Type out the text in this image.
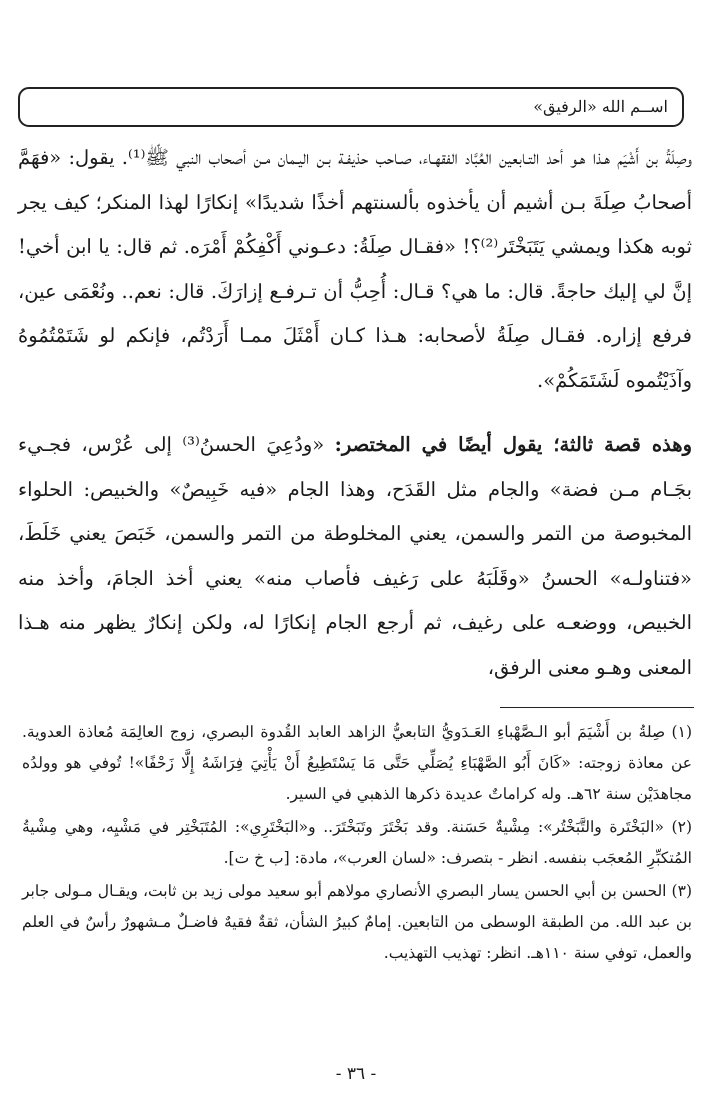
اســم الله «الرفيق»

وصِلَةُ بن أَشْيَم هـذا هـو أحد التـابعين العُبَّاد الفقهـاء، صـاحب حذيفـة بـن اليـمان مـن أصحاب النبي ﷺ⁽¹⁾. يقول: «فهَمَّ أصحابُ صِلَةَ بـن أشيم أن يأخذوه بألسنتهم أخذًا شديدًا» إنكارًا لهذا المنكر؛ كيف يجر ثوبه هكذا ويمشي يَتَبَخْتَر⁽²⁾؟! «فقـال صِلَةُ: دعـوني أَكْفِكُمْ أَمْرَه. ثم قال: يا ابن أخي! إنَّ لي إليك حاجةً. قال: ما هي؟ قـال: أُحِبُّ أن تـرفـع إزارَكَ. قال: نعم.. ونُعْمَى عين، فرفع إزاره. فقـال صِلَةُ لأصحابه: هـذا كـان أَمْثَلَ ممـا أَرَدْتُم، فإنكم لو شَتَمْتُمُوهُ وآذَيْتُموه لَشَتَمَكُمْ».

وهذه قصة ثالثة؛ يقول أيضًا في المختصر: «ودُعِيَ الحسنُ⁽³⁾ إلى عُرْس، فجـيء بجَـام مـن فضة» والجام مثل القَدَح، وهذا الجام «فيه خَبِيصٌ» والخبيص: الحلواء المخبوصة من التمر والسمن، يعني المخلوطة من التمر والسمن، خَبَصَ يعني خَلَطَ، «فتناولـه» الحسنُ «وقَلَبَهُ على رَغيف فأصاب منه» يعني أخذ الجامَ، وأخذ منه الخبيص، ووضعـه على رغيف، ثم أرجع الجام إنكارًا له، ولكن إنكارٌ يظهر منه هـذا المعنى وهـو معنى الرفق،

(١) صِلةُ بن أَشْيَمَ أبو الـصَّهْباءِ العَـدَويُّ التابعيُّ الزاهد العابد القُدوة البصري، زوج العالِمَة مُعاذة العدوية. عن معاذة زوجته: «كَانَ أَبُو الصَّهْبَاءِ يُصَلِّي حَتَّى مَا يَسْتَطِيعُ أَنْ يَأْتِيَ فِرَاشَهُ إِلَّا زَحْفًا»! تُوفي هو وولدُه مجاهدَيْن سنة ٦٢هـ. وله كراماتٌ عديدة ذكرها الذهبي في السير.

(٢) «البَخْتَرة والتَّبَخْتُر»: مِشْيةٌ حَسَنة. وقد بَخْتَرَ وتَبَخْتَرَ.. و«البَخْتَرِي»: المُتَبَخْتِر في مَشْيِه، وهي مِشْيةُ المُتكبِّرِ المُعجَب بنفسه. انظر - بتصرف: «لسان العرب»، مادة: [ب خ ت].

(٣) الحسن بن أبي الحسن يسار البصري الأنصاري مولاهم أبو سعيد مولى زيد بن ثابت، ويقـال مـولى جابر بن عبد الله. من الطبقة الوسطى من التابعين. إمامٌ كبيرُ الشأن، ثقةٌ فقيهٌ فاضـلٌ مـشهورٌ رأسٌ في العلم والعمل، توفي سنة ١١٠هـ. انظر: تهذيب التهذيب.

- ٣٦ -
